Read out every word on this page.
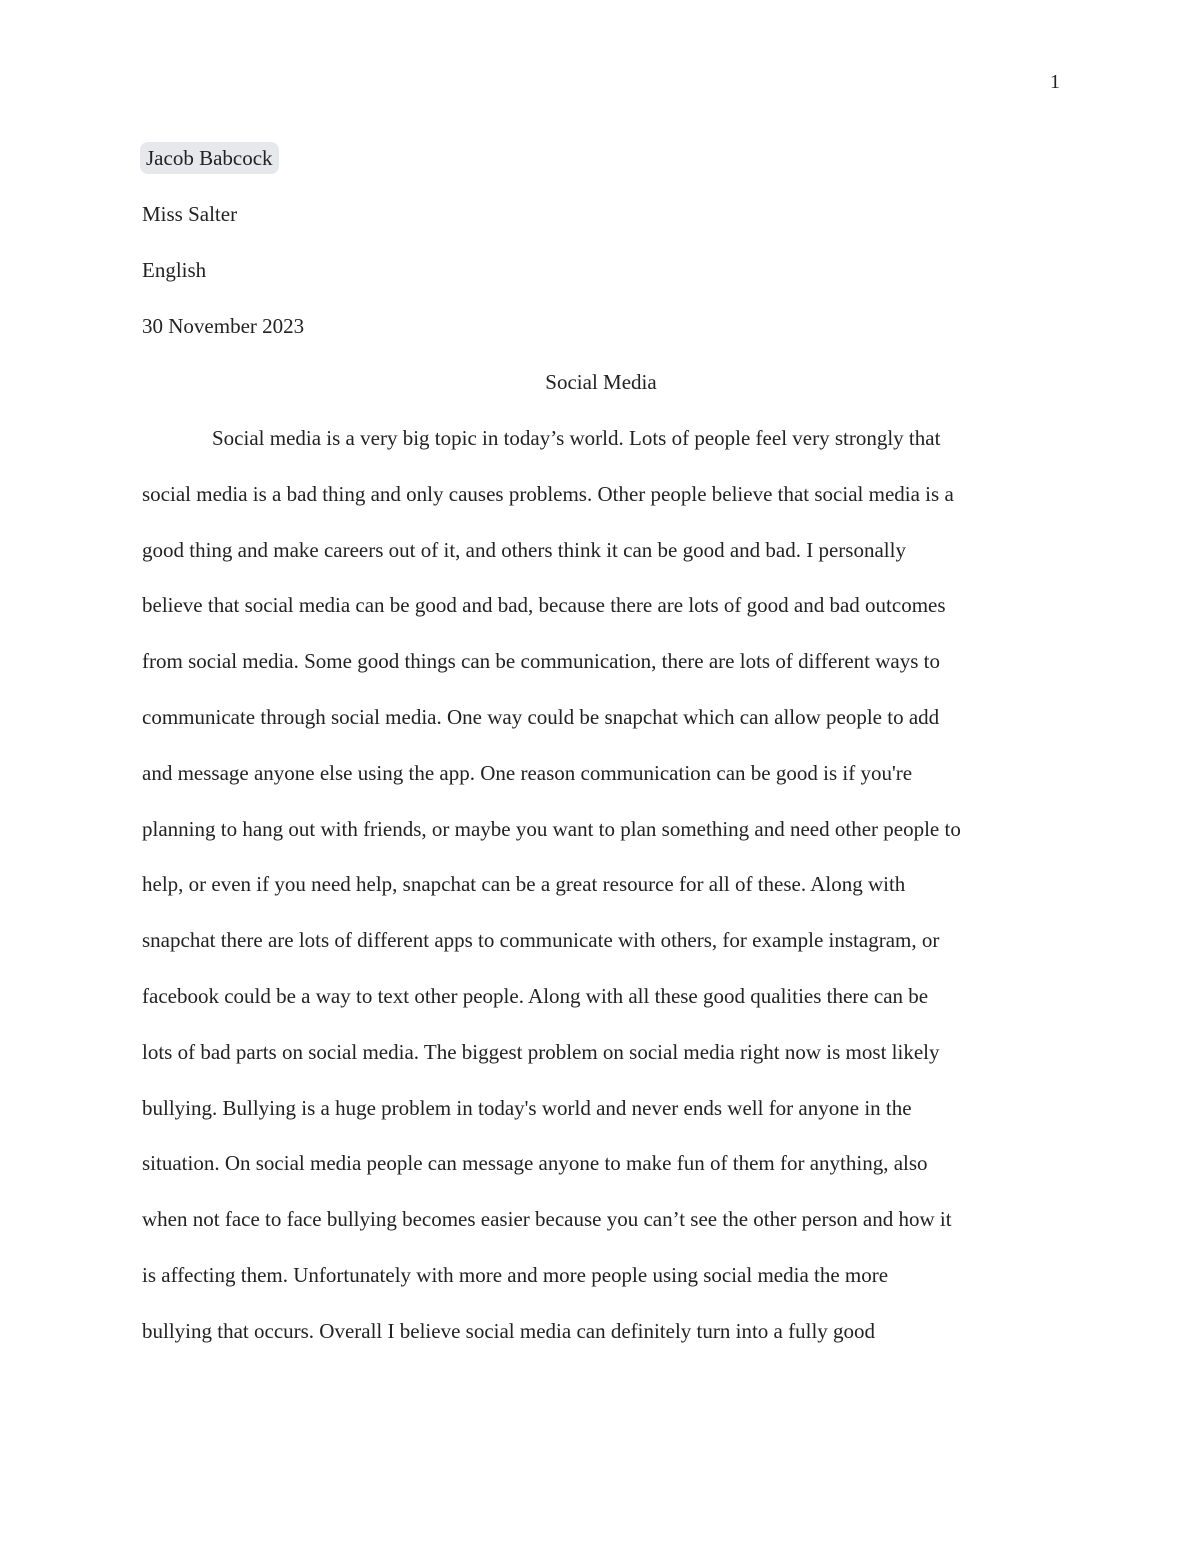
1
Jacob Babcock
Miss Salter
English
30 November 2023
Social Media
Social media is a very big topic in today’s world. Lots of people feel very strongly that
social media is a bad thing and only causes problems. Other people believe that social media is a
good thing and make careers out of it, and others think it can be good and bad. I personally
believe that social media can be good and bad, because there are lots of good and bad outcomes
from social media. Some good things can be communication, there are lots of different ways to
communicate through social media. One way could be snapchat which can allow people to add
and message anyone else using the app. One reason communication can be good is if you're
planning to hang out with friends, or maybe you want to plan something and need other people to
help, or even if you need help, snapchat can be a great resource for all of these. Along with
snapchat there are lots of different apps to communicate with others, for example instagram, or
facebook could be a way to text other people. Along with all these good qualities there can be
lots of bad parts on social media. The biggest problem on social media right now is most likely
bullying. Bullying is a huge problem in today's world and never ends well for anyone in the
situation. On social media people can message anyone to make fun of them for anything, also
when not face to face bullying becomes easier because you can’t see the other person and how it
is affecting them. Unfortunately with more and more people using social media the more
bullying that occurs. Overall I believe social media can definitely turn into a fully good
